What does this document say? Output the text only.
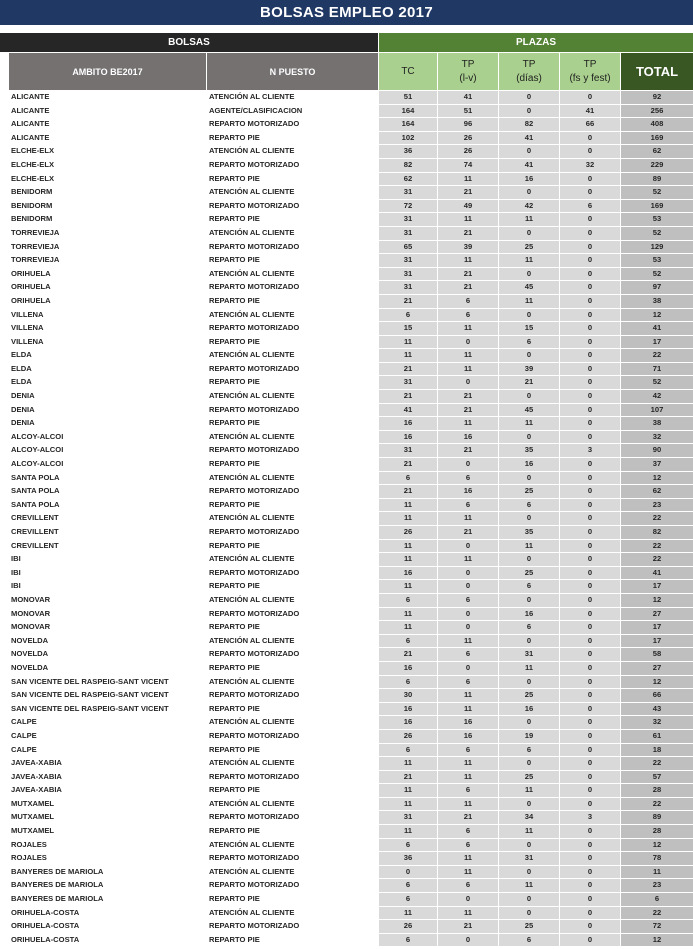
BOLSAS EMPLEO 2017
BOLSAS	PLAZAS
AMBITO BE2017	N PUESTO	TC
TP
(l-v)
TP
(días)
TP
(fs y fest)	TOTAL
ALICANTE	ATENCIÓN AL CLIENTE	51	41	0	0	92
ALICANTE	AGENTE/CLASIFICACION	164	51	0	41	256
ALICANTE	REPARTO MOTORIZADO	164	96	82	66	408
ALICANTE	REPARTO PIE	102	26	41	0	169
ELCHE-ELX	ATENCIÓN AL CLIENTE	36	26	0	0	62
ELCHE-ELX	REPARTO MOTORIZADO	82	74	41	32	229
ELCHE-ELX	REPARTO PIE	62	11	16	0	89
BENIDORM	ATENCIÓN AL CLIENTE	31	21	0	0	52
BENIDORM	REPARTO MOTORIZADO	72	49	42	6	169
BENIDORM	REPARTO PIE	31	11	11	0	53
TORREVIEJA	ATENCIÓN AL CLIENTE	31	21	0	0	52
TORREVIEJA	REPARTO MOTORIZADO	65	39	25	0	129
TORREVIEJA	REPARTO PIE	31	11	11	0	53
ORIHUELA	ATENCIÓN AL CLIENTE	31	21	0	0	52
ORIHUELA	REPARTO MOTORIZADO	31	21	45	0	97
ORIHUELA	REPARTO PIE	21	6	11	0	38
VILLENA	ATENCIÓN AL CLIENTE	6	6	0	0	12
VILLENA	REPARTO MOTORIZADO	15	11	15	0	41
VILLENA	REPARTO PIE	11	0	6	0	17
ELDA	ATENCIÓN AL CLIENTE	11	11	0	0	22
ELDA	REPARTO MOTORIZADO	21	11	39	0	71
ELDA	REPARTO PIE	31	0	21	0	52
DENIA	ATENCIÓN AL CLIENTE	21	21	0	0	42
DENIA	REPARTO MOTORIZADO	41	21	45	0	107
DENIA	REPARTO PIE	16	11	11	0	38
ALCOY-ALCOI	ATENCIÓN AL CLIENTE	16	16	0	0	32
ALCOY-ALCOI	REPARTO MOTORIZADO	31	21	35	3	90
ALCOY-ALCOI	REPARTO PIE	21	0	16	0	37
SANTA POLA	ATENCIÓN AL CLIENTE	6	6	0	0	12
SANTA POLA	REPARTO MOTORIZADO	21	16	25	0	62
SANTA POLA	REPARTO PIE	11	6	6	0	23
CREVILLENT	ATENCIÓN AL CLIENTE	11	11	0	0	22
CREVILLENT	REPARTO MOTORIZADO	26	21	35	0	82
CREVILLENT	REPARTO PIE	11	0	11	0	22
IBI	ATENCIÓN AL CLIENTE	11	11	0	0	22
IBI	REPARTO MOTORIZADO	16	0	25	0	41
IBI	REPARTO PIE	11	0	6	0	17
MONOVAR	ATENCIÓN AL CLIENTE	6	6	0	0	12
MONOVAR	REPARTO MOTORIZADO	11	0	16	0	27
MONOVAR	REPARTO PIE	11	0	6	0	17
NOVELDA	ATENCIÓN AL CLIENTE	6	11	0	0	17
NOVELDA	REPARTO MOTORIZADO	21	6	31	0	58
NOVELDA	REPARTO PIE	16	0	11	0	27
SAN VICENTE DEL RASPEIG-SANT VICENT	ATENCIÓN AL CLIENTE	6	6	0	0	12
SAN VICENTE DEL RASPEIG-SANT VICENT	REPARTO MOTORIZADO	30	11	25	0	66
SAN VICENTE DEL RASPEIG-SANT VICENT	REPARTO PIE	16	11	16	0	43
CALPE	ATENCIÓN AL CLIENTE	16	16	0	0	32
CALPE	REPARTO MOTORIZADO	26	16	19	0	61
CALPE	REPARTO PIE	6	6	6	0	18
JAVEA-XABIA	ATENCIÓN AL CLIENTE	11	11	0	0	22
JAVEA-XABIA	REPARTO MOTORIZADO	21	11	25	0	57
JAVEA-XABIA	REPARTO PIE	11	6	11	0	28
MUTXAMEL	ATENCIÓN AL CLIENTE	11	11	0	0	22
MUTXAMEL	REPARTO MOTORIZADO	31	21	34	3	89
MUTXAMEL	REPARTO PIE	11	6	11	0	28
ROJALES	ATENCIÓN AL CLIENTE	6	6	0	0	12
ROJALES	REPARTO MOTORIZADO	36	11	31	0	78
BANYERES DE MARIOLA	ATENCIÓN AL CLIENTE	0	11	0	0	11
BANYERES DE MARIOLA	REPARTO MOTORIZADO	6	6	11	0	23
BANYERES DE MARIOLA	REPARTO PIE	6	0	0	0	6
ORIHUELA-COSTA	ATENCIÓN AL CLIENTE	11	11	0	0	22
ORIHUELA-COSTA	REPARTO MOTORIZADO	26	21	25	0	72
ORIHUELA-COSTA	REPARTO PIE	6	0	6	0	12
